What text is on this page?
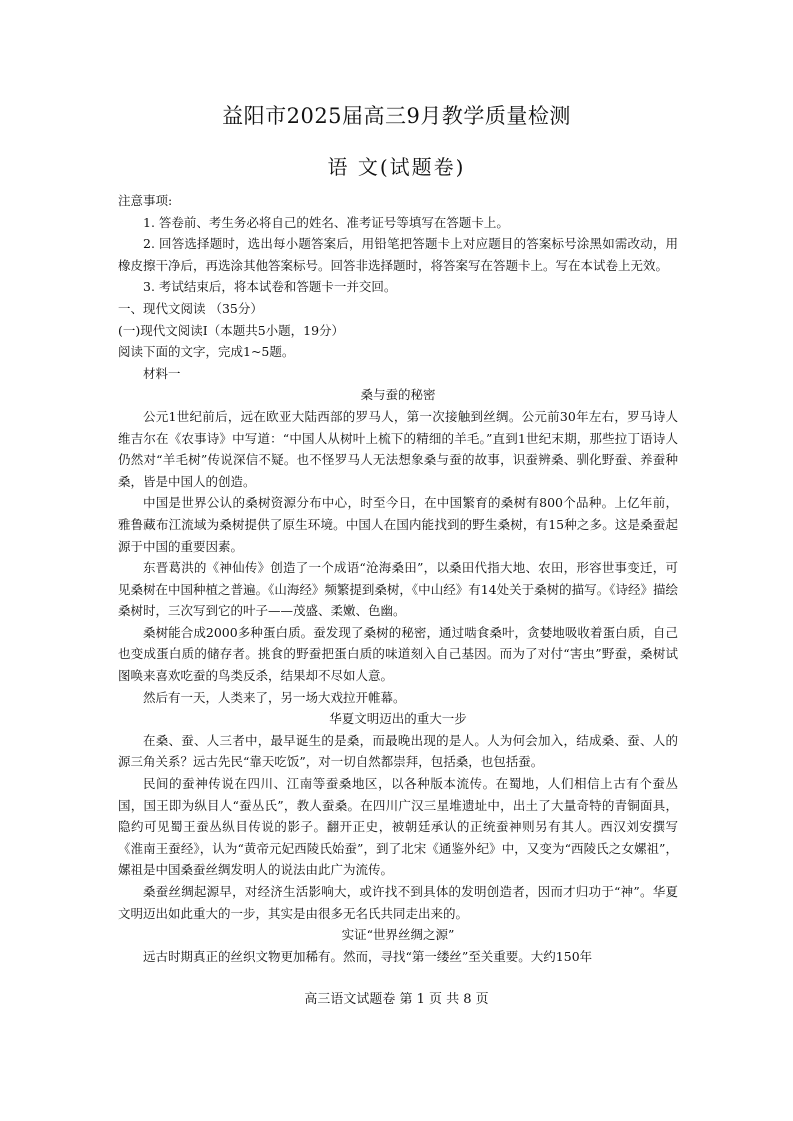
益阳市2025届高三9月教学质量检测
语 文(试题卷)

注意事项:

1. 答卷前、考生务必将自己的姓名、准考证号等填写在答题卡上。

2. 回答选择题时，选出每小题答案后，用铅笔把答题卡上对应题目的答案标号涂黑如需改动，用橡皮擦干净后，再选涂其他答案标号。回答非选择题时，将答案写在答题卡上。写在本试卷上无效。

3. 考试结束后，将本试卷和答题卡一并交回。

一、现代文阅读 （35分）

(一)现代文阅读Ⅰ（本题共5小题，19分）

阅读下面的文字，完成1~5题。

材料一

桑与蚕的秘密

公元1世纪前后，远在欧亚大陆西部的罗马人，第一次接触到丝绸。公元前30年左右，罗马诗人维吉尔在《农事诗》中写道：“中国人从树叶上梳下的精细的羊毛。”直到1世纪末期，那些拉丁语诗人仍然对“羊毛树”传说深信不疑。也不怪罗马人无法想象桑与蚕的故事，识蚕辨桑、驯化野蚕、养蚕种桑，皆是中国人的创造。

中国是世界公认的桑树资源分布中心，时至今日，在中国繁育的桑树有800个品种。上亿年前，雅鲁藏布江流域为桑树提供了原生环境。中国人在国内能找到的野生桑树，有15种之多。这是桑蚕起源于中国的重要因素。

东晋葛洪的《神仙传》创造了一个成语“沧海桑田”，以桑田代指大地、农田，形容世事变迁，可见桑树在中国种植之普遍。《山海经》频繁提到桑树，《中山经》有14处关于桑树的描写。《诗经》描绘桑树时，三次写到它的叶子——茂盛、柔嫩、色幽。

桑树能合成2000多种蛋白质。蚕发现了桑树的秘密，通过啮食桑叶，贪婪地吸收着蛋白质，自己也变成蛋白质的储存者。挑食的野蚕把蛋白质的味道刻入自己基因。而为了对付“害虫”野蚕，桑树试图唤来喜欢吃蚕的鸟类反杀，结果却不尽如人意。

然后有一天，人类来了，另一场大戏拉开帷幕。

华夏文明迈出的重大一步

在桑、蚕、人三者中，最早诞生的是桑，而最晚出现的是人。人为何会加入，结成桑、蚕、人的源三角关系？远古先民“靠天吃饭”，对一切自然都崇拜，包括桑，也包括蚕。

民间的蚕神传说在四川、江南等蚕桑地区，以各种版本流传。在蜀地，人们相信上古有个蚕丛国，国王即为纵目人“蚕丛氏”，教人蚕桑。在四川广汉三星堆遗址中，出土了大量奇特的青铜面具，隐约可见蜀王蚕丛纵目传说的影子。翻开正史，被朝廷承认的正统蚕神则另有其人。西汉刘安撰写《淮南王蚕经》，认为“黄帝元妃西陵氏始蚕”，到了北宋《通鉴外纪》中，又变为“西陵氏之女嫘祖”，嫘祖是中国桑蚕丝绸发明人的说法由此广为流传。

桑蚕丝绸起源早，对经济生活影响大，或许找不到具体的发明创造者，因而才归功于“神”。华夏文明迈出如此重大的一步，其实是由很多无名氏共同走出来的。

实证“世界丝绸之源”

远古时期真正的丝织文物更加稀有。然而，寻找“第一缕丝”至关重要。大约150年

高三语文试题卷 第 1 页 共 8 页
